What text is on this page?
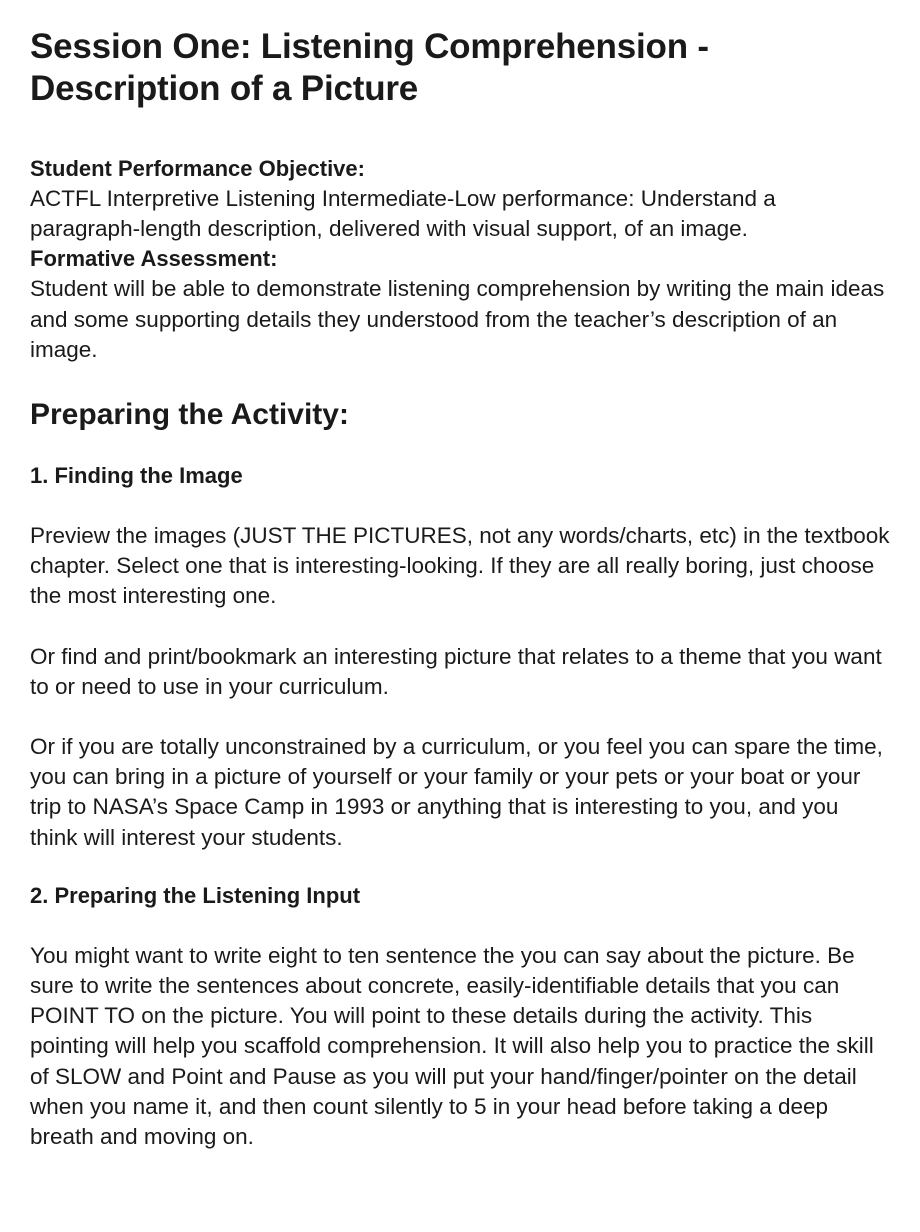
Session One: Listening Comprehension - Description of a Picture
Student Performance Objective:

ACTFL Interpretive Listening Intermediate-Low performance: Understand a paragraph-length description, delivered with visual support, of an image.

Formative Assessment:

Student will be able to demonstrate listening comprehension by writing the main ideas and some supporting details they understood from the teacher’s description of an image.

Preparing the Activity:
1. Finding the Image

Preview the images (JUST THE PICTURES, not any words/charts, etc) in the textbook chapter. Select one that is interesting-looking. If they are all really boring, just choose the most interesting one.

Or find and print/bookmark an interesting picture that relates to a theme that you want to or need to use in your curriculum.

Or if you are totally unconstrained by a curriculum, or you feel you can spare the time, you can bring in a picture of yourself or your family or your pets or your boat or your trip to NASA’s Space Camp in 1993 or anything that is interesting to you, and you think will interest your students.

2. Preparing the Listening Input

You might want to write eight to ten sentence the you can say about the picture. Be sure to write the sentences about concrete, easily-identifiable details that you can POINT TO on the picture. You will point to these details during the activity. This pointing will help you scaffold comprehension. It will also help you to practice the skill of SLOW and Point and Pause as you will put your hand/finger/pointer on the detail when you name it, and then count silently to 5 in your head before taking a deep breath and moving on.
